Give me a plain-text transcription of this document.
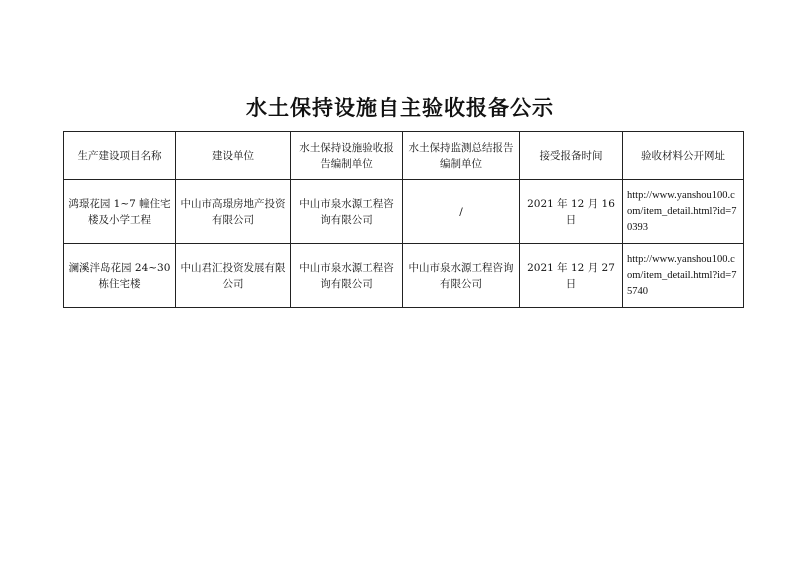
水土保持设施自主验收报备公示
生产建设项目名称	建设单位	水土保持设施验收报告编制单位	水土保持监测总结报告编制单位	接受报备时间	验收材料公开网址
鸿璟花园 1~7 幢住宅楼及小学工程	中山市高璟房地产投资有限公司	中山市泉水源工程咨询有限公司	/	2021 年 12 月 16 日	http://www.yanshou100.com/item_detail.html?id=70393
澜溪泮岛花园 24~30 栋住宅楼	中山君汇投资发展有限公司	中山市泉水源工程咨询有限公司	中山市泉水源工程咨询有限公司	2021 年 12 月 27 日	http://www.yanshou100.com/item_detail.html?id=75740
